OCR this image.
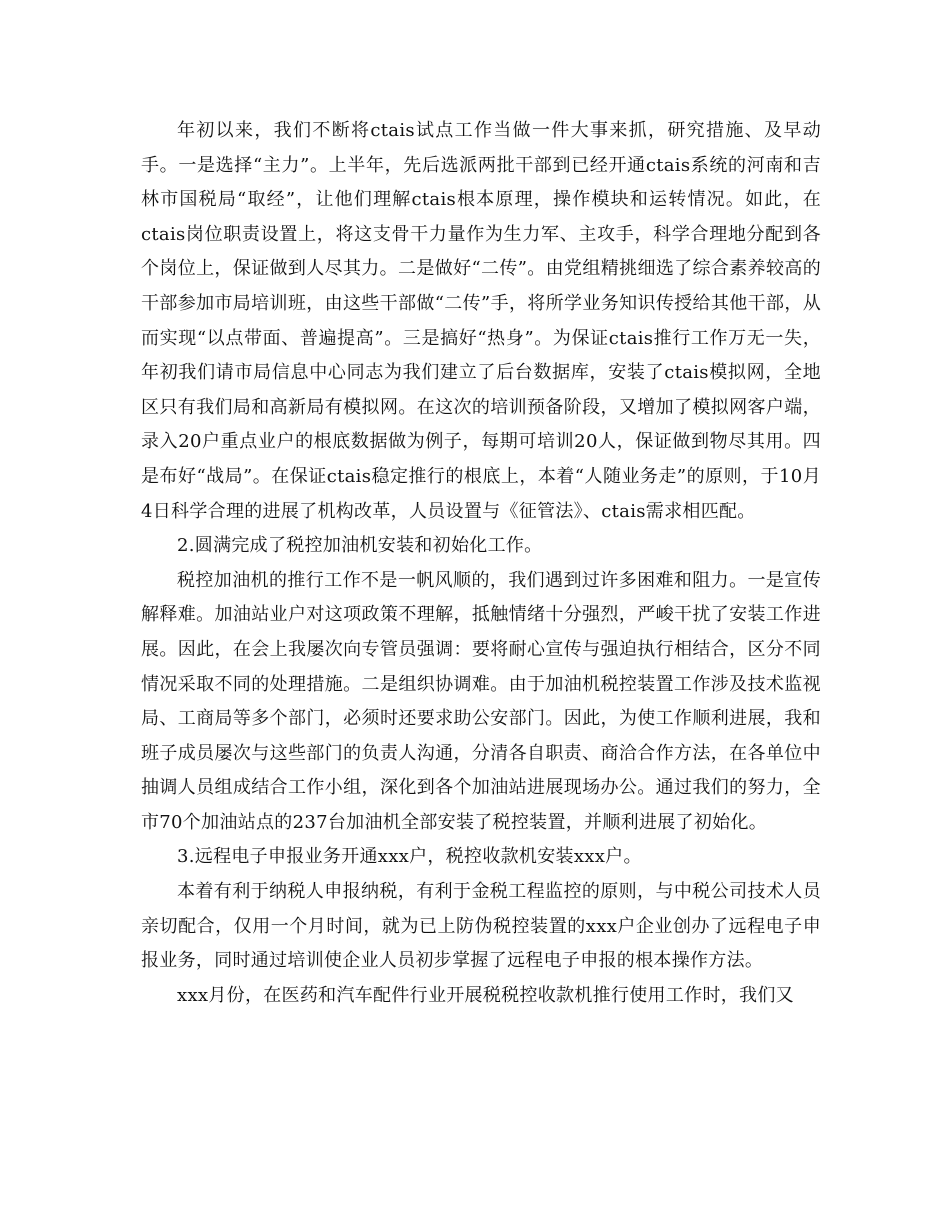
年初以来，我们不断将ctais试点工作当做一件大事来抓，研究措施、及早动手。一是选择“主力”。上半年，先后选派两批干部到已经开通ctais系统的河南和吉林市国税局“取经”，让他们理解ctais根本原理，操作模块和运转情况。如此，在ctais岗位职责设置上，将这支骨干力量作为生力军、主攻手，科学合理地分配到各个岗位上，保证做到人尽其力。二是做好“二传”。由党组精挑细选了综合素养较高的干部参加市局培训班，由这些干部做“二传”手，将所学业务知识传授给其他干部，从而实现“以点带面、普遍提高”。三是搞好“热身”。为保证ctais推行工作万无一失，年初我们请市局信息中心同志为我们建立了后台数据库，安装了ctais模拟网，全地区只有我们局和高新局有模拟网。在这次的培训预备阶段，又增加了模拟网客户端，录入20户重点业户的根底数据做为例子，每期可培训20人，保证做到物尽其用。四是布好“战局”。在保证ctais稳定推行的根底上，本着“人随业务走”的原则，于10月4日科学合理的进展了机构改革，人员设置与《征管法》、ctais需求相匹配。

2.圆满完成了税控加油机安装和初始化工作。

税控加油机的推行工作不是一帆风顺的，我们遇到过许多困难和阻力。一是宣传解释难。加油站业户对这项政策不理解，抵触情绪十分强烈，严峻干扰了安装工作进展。因此，在会上我屡次向专管员强调：要将耐心宣传与强迫执行相结合，区分不同情况采取不同的处理措施。二是组织协调难。由于加油机税控装置工作涉及技术监视局、工商局等多个部门，必须时还要求助公安部门。因此，为使工作顺利进展，我和班子成员屡次与这些部门的负责人沟通，分清各自职责、商洽合作方法，在各单位中抽调人员组成结合工作小组，深化到各个加油站进展现场办公。通过我们的努力，全市70个加油站点的237台加油机全部安装了税控装置，并顺利进展了初始化。

3.远程电子申报业务开通xxx户，税控收款机安装xxx户。

本着有利于纳税人申报纳税，有利于金税工程监控的原则，与中税公司技术人员亲切配合，仅用一个月时间，就为已上防伪税控装置的xxx户企业创办了远程电子申报业务，同时通过培训使企业人员初步掌握了远程电子申报的根本操作方法。

xxx月份，在医药和汽车配件行业开展税税控收款机推行使用工作时，我们又
